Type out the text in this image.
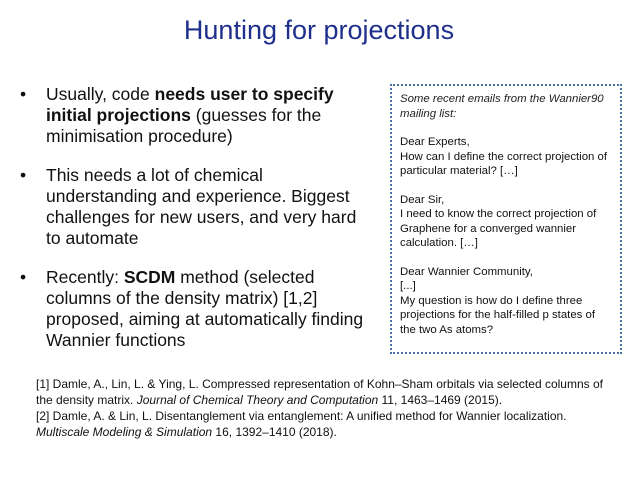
Hunting for projections
• Usually, code needs user to specify initial projections (guesses for the minimisation procedure)
• This needs a lot of chemical understanding and experience. Biggest challenges for new users, and very hard to automate
• Recently: SCDM method (selected columns of the density matrix) [1,2] proposed, aiming at automatically finding Wannier functions
Some recent emails from the Wannier90 mailing list:
Dear Experts,
How can I define the correct projection of particular material? […]
Dear Sir,
I need to know the correct projection of Graphene for a converged wannier calculation. […]
Dear Wannier Community,
[...]
My question is how do I define three projections for the half-filled p states of the two As atoms?

[1] Damle, A., Lin, L. & Ying, L. Compressed representation of Kohn–Sham orbitals via selected columns of the density matrix. Journal of Chemical Theory and Computation 11, 1463–1469 (2015).

[2] Damle, A. & Lin, L. Disentanglement via entanglement: A unified method for Wannier localization. Multiscale Modeling & Simulation 16, 1392–1410 (2018).
